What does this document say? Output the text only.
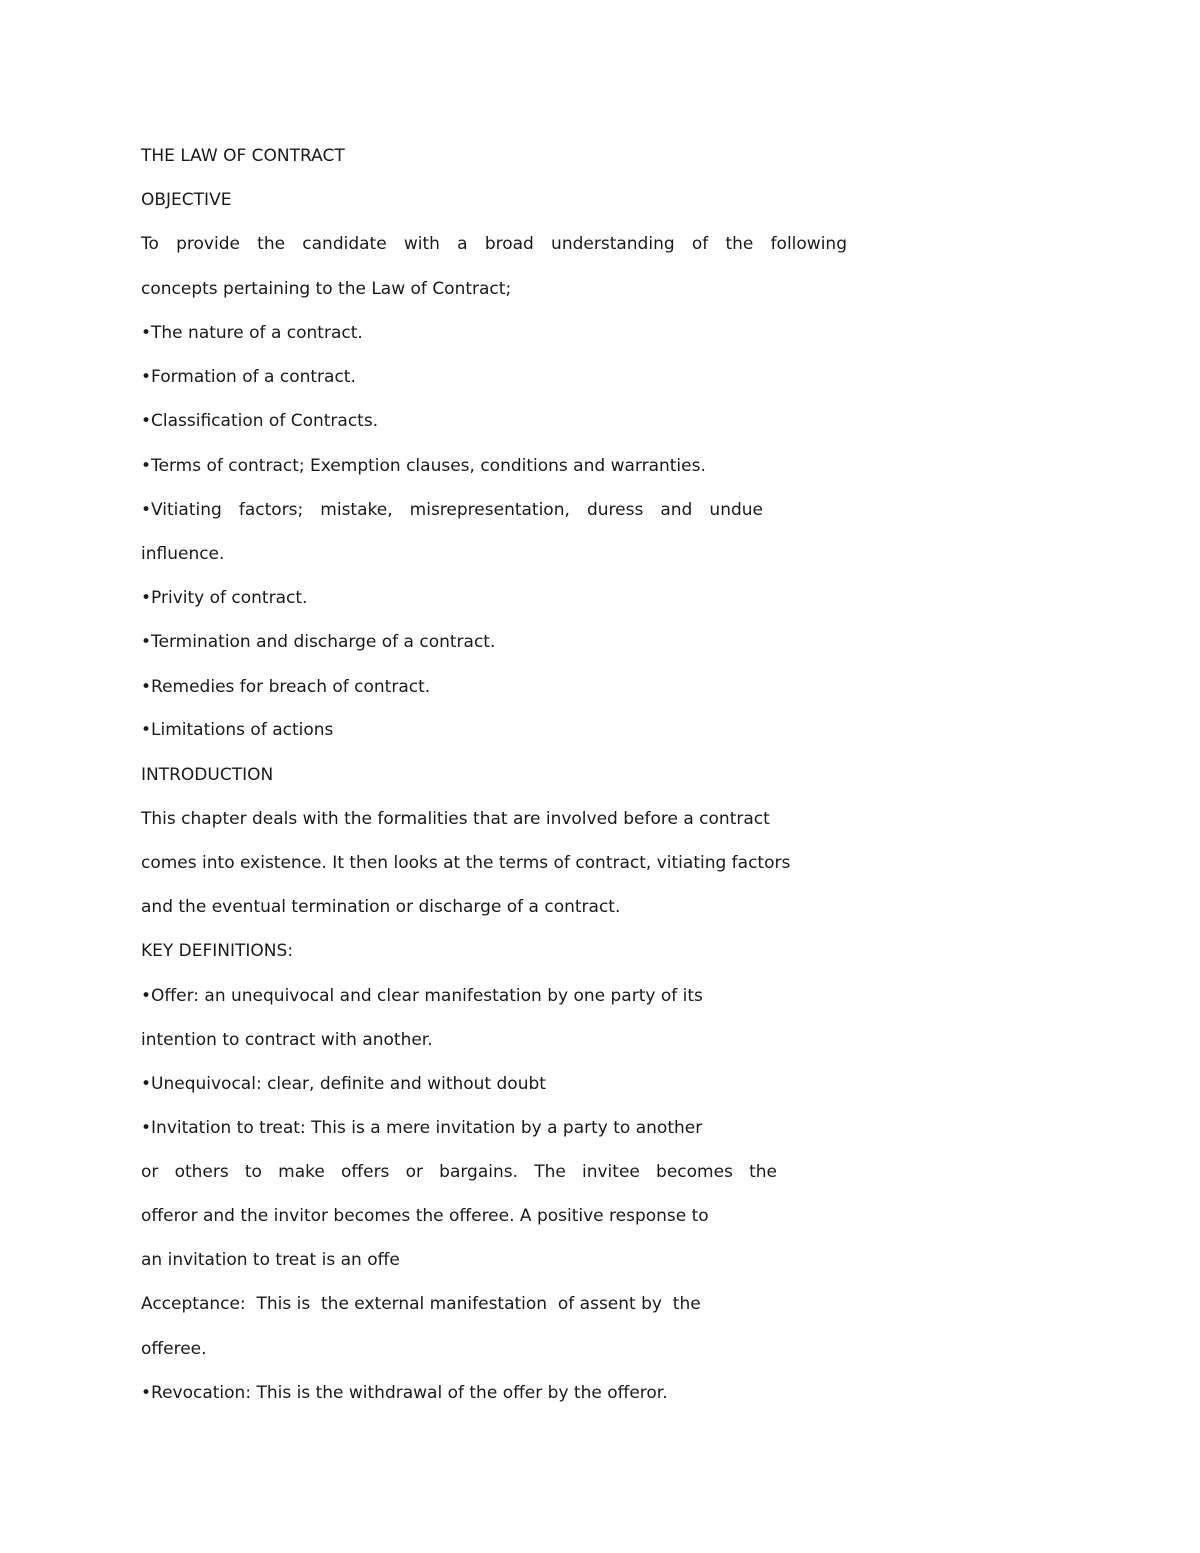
THE LAW OF CONTRACT

OBJECTIVE

To provide the candidate with a broad understanding of the following

concepts pertaining to the Law of Contract;

•The nature of a contract.

•Formation of a contract.

•Classification of Contracts.

•Terms of contract; Exemption clauses, conditions and warranties.

•Vitiating factors; mistake, misrepresentation, duress and undue

influence.

•Privity of contract.

•Termination and discharge of a contract.

•Remedies for breach of contract.

•Limitations of actions

INTRODUCTION

This chapter deals with the formalities that are involved before a contract

comes into existence. It then looks at the terms of contract, vitiating factors

and the eventual termination or discharge of a contract.

KEY DEFINITIONS:

•Offer: an unequivocal and clear manifestation by one party of its

intention to contract with another.

•Unequivocal: clear, definite and without doubt

•Invitation to treat: This is a mere invitation by a party to another

or others to make offers or bargains. The invitee becomes the

offeror and the invitor becomes the offeree. A positive response to

an invitation to treat is an offe

Acceptance:  This is  the external manifestation  of assent by  the

offeree.

•Revocation: This is the withdrawal of the offer by the offeror.
